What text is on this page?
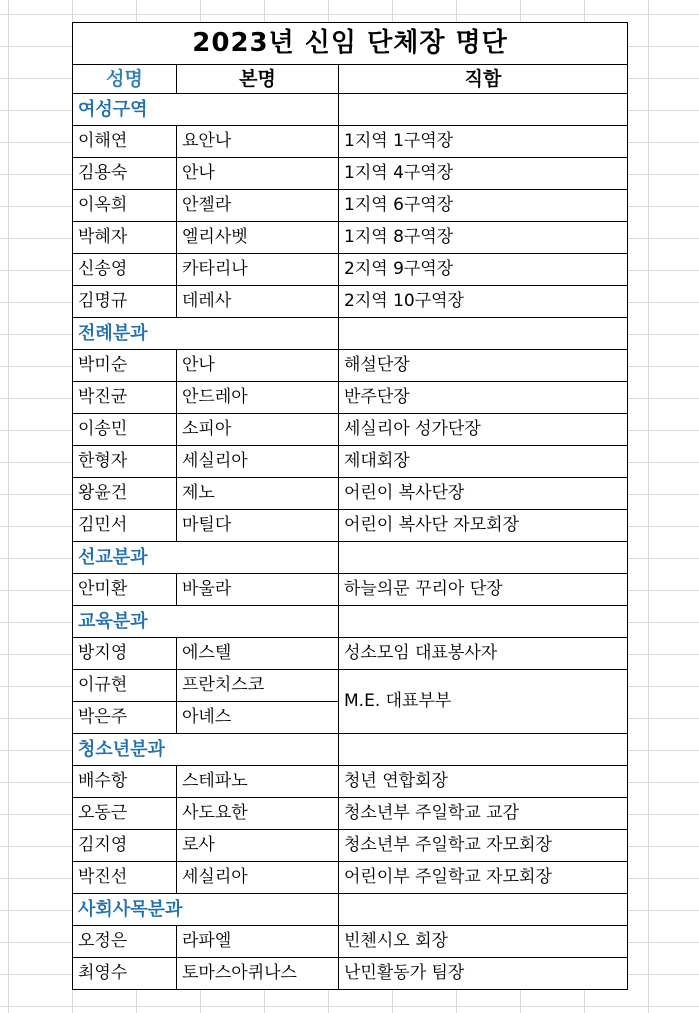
2023년 신임 단체장 명단		
성명	본명	직함
여성구역		
이해연	요안나	1지역 1구역장
김용숙	안나	1지역 4구역장
이옥희	안젤라	1지역 6구역장
박혜자	엘리사벳	1지역 8구역장
신송영	카타리나	2지역 9구역장
김명규	데레사	2지역 10구역장
전례분과		
박미순	안나	해설단장
박진균	안드레아	반주단장
이송민	소피아	세실리아 성가단장
한형자	세실리아	제대회장
왕윤건	제노	어린이 복사단장
김민서	마틸다	어린이 복사단 자모회장
선교분과		
안미환	바울라	하늘의문 꾸리아 단장
교육분과		
방지영	에스텔	성소모임 대표봉사자
이규현	프란치스코	M.E. 대표부부
박은주	아녜스	
청소년분과		
배수항	스테파노	청년 연합회장
오동근	사도요한	청소년부 주일학교 교감
김지영	로사	청소년부 주일학교 자모회장
박진선	세실리아	어린이부 주일학교 자모회장
사회사목분과		
오정은	라파엘	빈첸시오 회장
최영수	토마스아퀴나스	난민활동가 팀장
